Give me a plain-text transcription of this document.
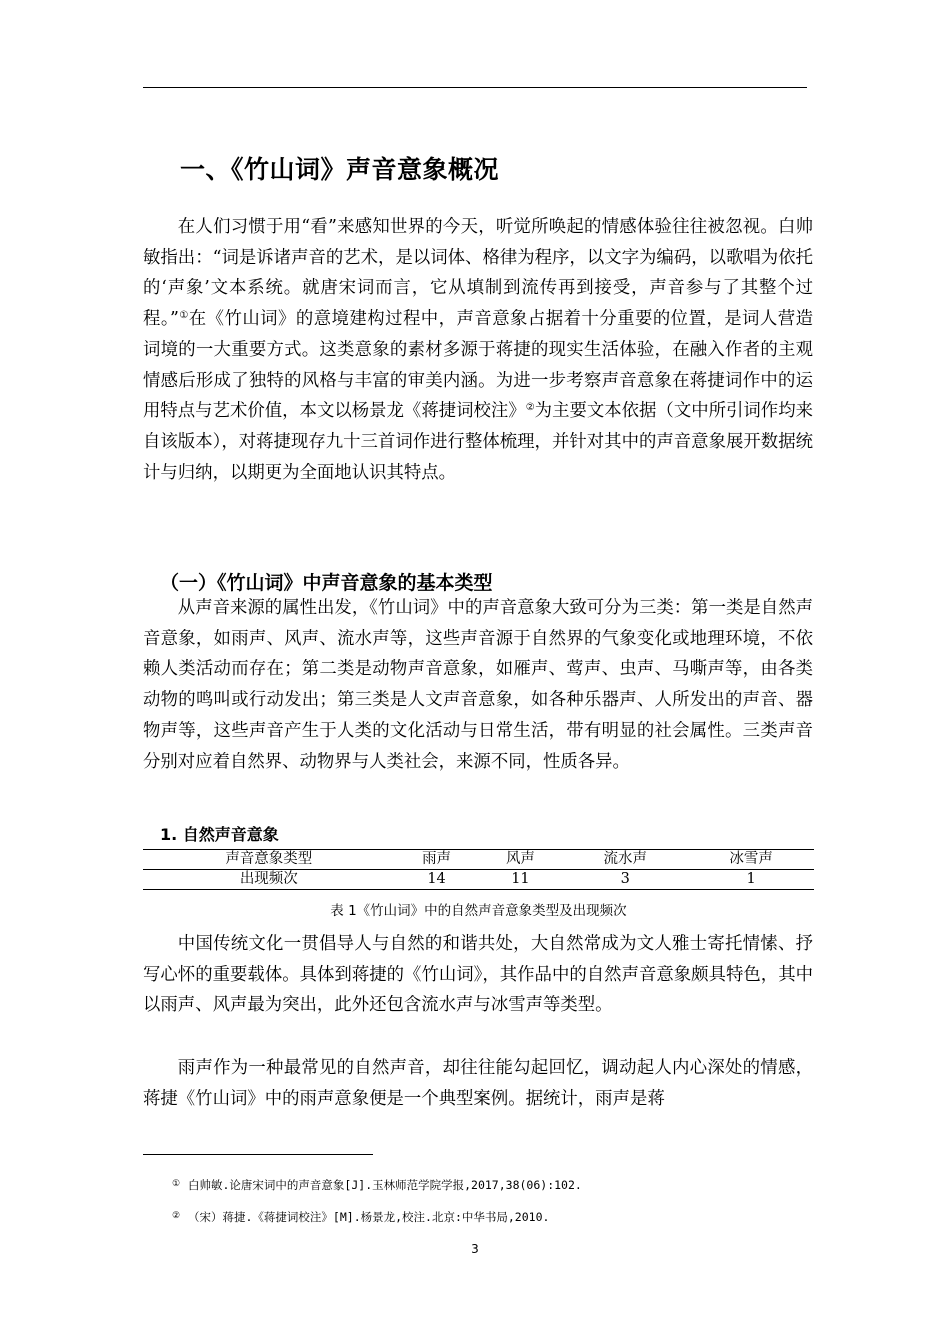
一、《竹山词》声音意象概况

在人们习惯于用“看”来感知世界的今天，听觉所唤起的情感体验往往被忽视。白帅敏指出：“词是诉诸声音的艺术，是以词体、格律为程序，以文字为编码，以歌唱为依托的‘声象’文本系统。就唐宋词而言，它从填制到流传再到接受，声音参与了其整个过程。”①在《竹山词》的意境建构过程中，声音意象占据着十分重要的位置，是词人营造词境的一大重要方式。这类意象的素材多源于蒋捷的现实生活体验，在融入作者的主观情感后形成了独特的风格与丰富的审美内涵。为进一步考察声音意象在蒋捷词作中的运用特点与艺术价值，本文以杨景龙《蒋捷词校注》②为主要文本依据（文中所引词作均来自该版本），对蒋捷现存九十三首词作进行整体梳理，并针对其中的声音意象展开数据统计与归纳，以期更为全面地认识其特点。

（一）《竹山词》中声音意象的基本类型

从声音来源的属性出发，《竹山词》中的声音意象大致可分为三类：第一类是自然声音意象，如雨声、风声、流水声等，这些声音源于自然界的气象变化或地理环境，不依赖人类活动而存在；第二类是动物声音意象，如雁声、莺声、虫声、马嘶声等，由各类动物的鸣叫或行动发出；第三类是人文声音意象，如各种乐器声、人所发出的声音、器物声等，这些声音产生于人类的文化活动与日常生活，带有明显的社会属性。三类声音分别对应着自然界、动物界与人类社会，来源不同，性质各异。

1. 自然声音意象
声音意象类型	雨声	风声	流水声	冰雪声
出现频次	14	11	3	1
表 1《竹山词》中的自然声音意象类型及出现频次

中国传统文化一贯倡导人与自然的和谐共处，大自然常成为文人雅士寄托情愫、抒写心怀的重要载体。具体到蒋捷的《竹山词》，其作品中的自然声音意象颇具特色，其中以雨声、风声最为突出，此外还包含流水声与冰雪声等类型。

雨声作为一种最常见的自然声音，却往往能勾起回忆，调动起人内心深处的情感，蒋捷《竹山词》中的雨声意象便是一个典型案例。据统计，雨声是蒋

① 白帅敏.论唐宋词中的声音意象[J].玉林师范学院学报,2017,38(06):102.
② （宋）蒋捷.《蒋捷词校注》[M].杨景龙,校注.北京:中华书局,2010.
3
